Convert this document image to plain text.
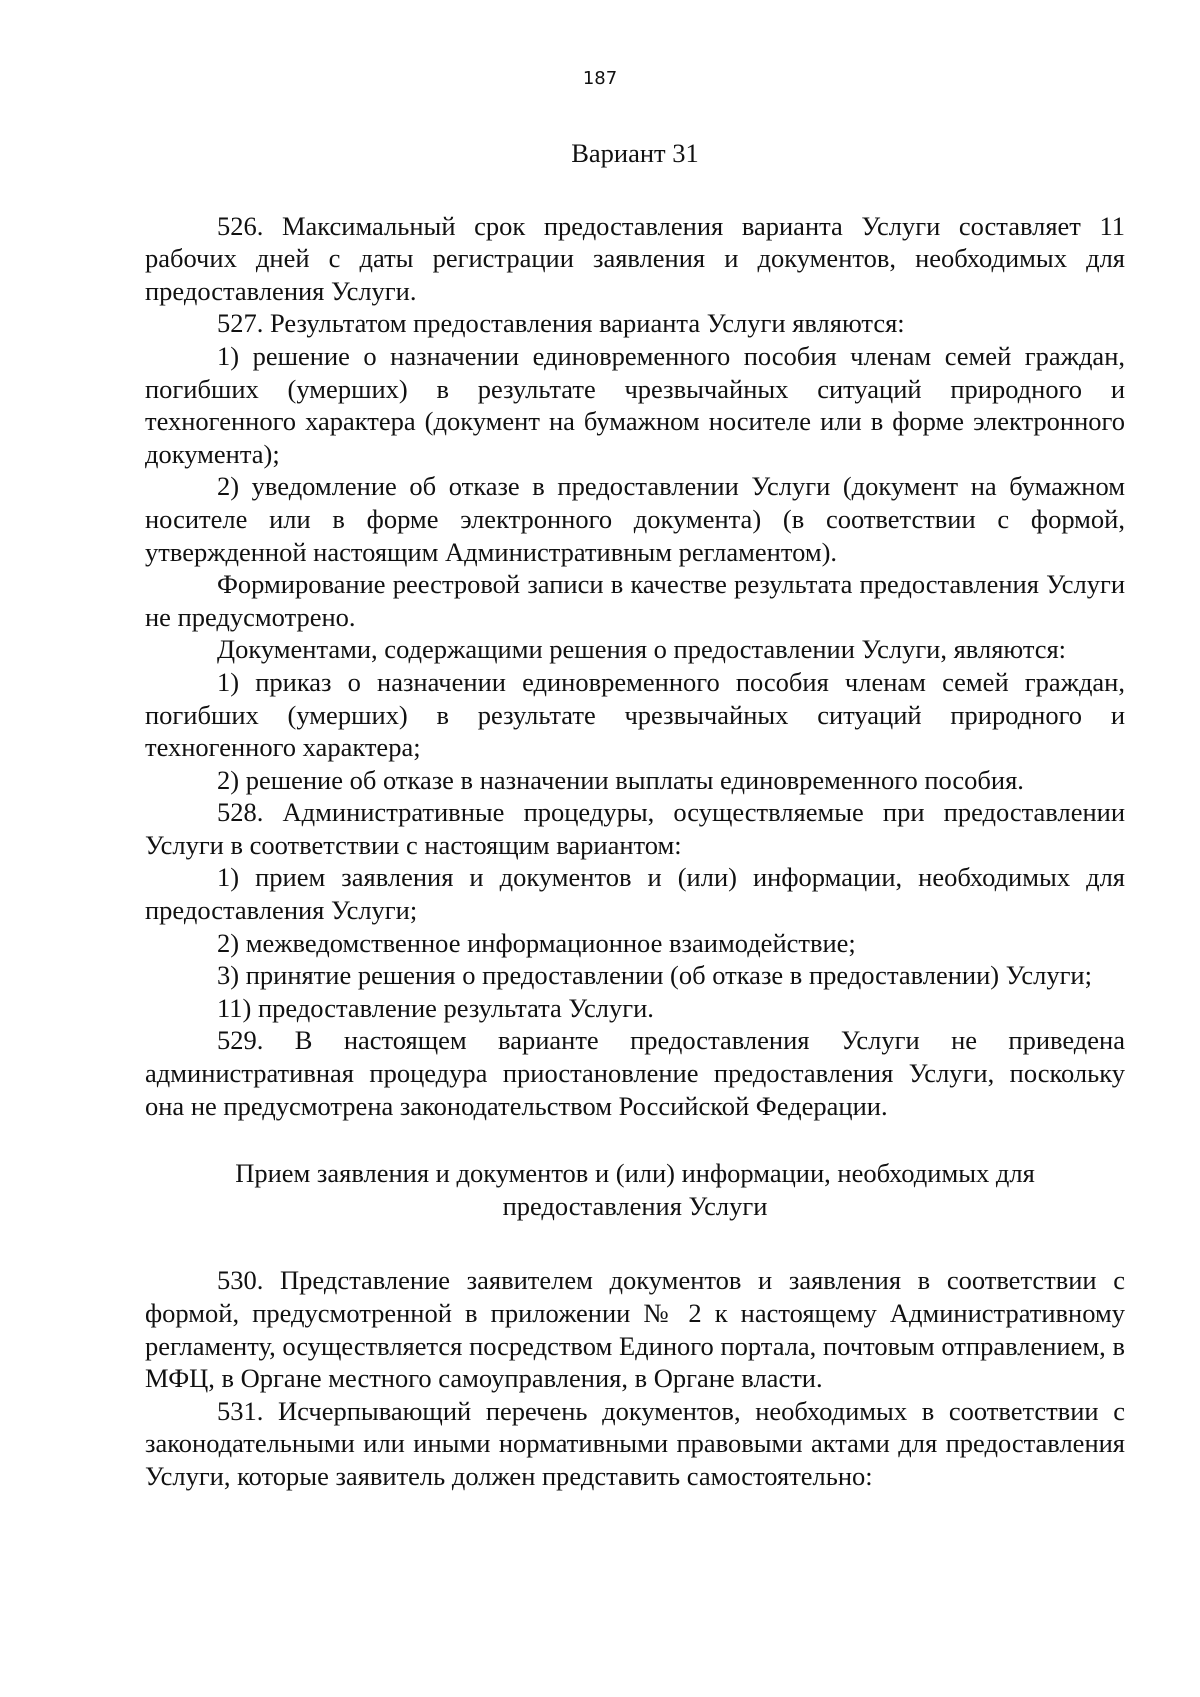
187
Вариант 31

526. Максимальный срок предоставления варианта Услуги составляет 11 рабочих дней с даты регистрации заявления и документов, необходимых для предоставления Услуги.

527. Результатом предоставления варианта Услуги являются:

1) решение о назначении единовременного пособия членам семей граждан, погибших (умерших) в результате чрезвычайных ситуаций природного и техногенного характера (документ на бумажном носителе или в форме электронного документа);

2) уведомление об отказе в предоставлении Услуги (документ на бумажном носителе или в форме электронного документа) (в соответствии с формой, утвержденной настоящим Административным регламентом).

Формирование реестровой записи в качестве результата предоставления Услуги не предусмотрено.

Документами, содержащими решения о предоставлении Услуги, являются:

1) приказ о назначении единовременного пособия членам семей граждан, погибших (умерших) в результате чрезвычайных ситуаций природного и техногенного характера;

2) решение об отказе в назначении выплаты единовременного пособия.

528. Административные процедуры, осуществляемые при предоставлении Услуги в соответствии с настоящим вариантом:

1) прием заявления и документов и (или) информации, необходимых для предоставления Услуги;

2) межведомственное информационное взаимодействие;

3) принятие решения о предоставлении (об отказе в предоставлении) Услуги;

11) предоставление результата Услуги.

529. В настоящем варианте предоставления Услуги не приведена административная процедура приостановление предоставления Услуги, поскольку она не предусмотрена законодательством Российской Федерации.

Прием заявления и документов и (или) информации, необходимых для
предоставления Услуги

530. Представление заявителем документов и заявления в соответствии с формой, предусмотренной в приложении № 2 к настоящему Административному регламенту, осуществляется посредством Единого портала, почтовым отправлением, в МФЦ, в Органе местного самоуправления, в Органе власти.

531. Исчерпывающий перечень документов, необходимых в соответствии с законодательными или иными нормативными правовыми актами для предоставления Услуги, которые заявитель должен представить самостоятельно:
